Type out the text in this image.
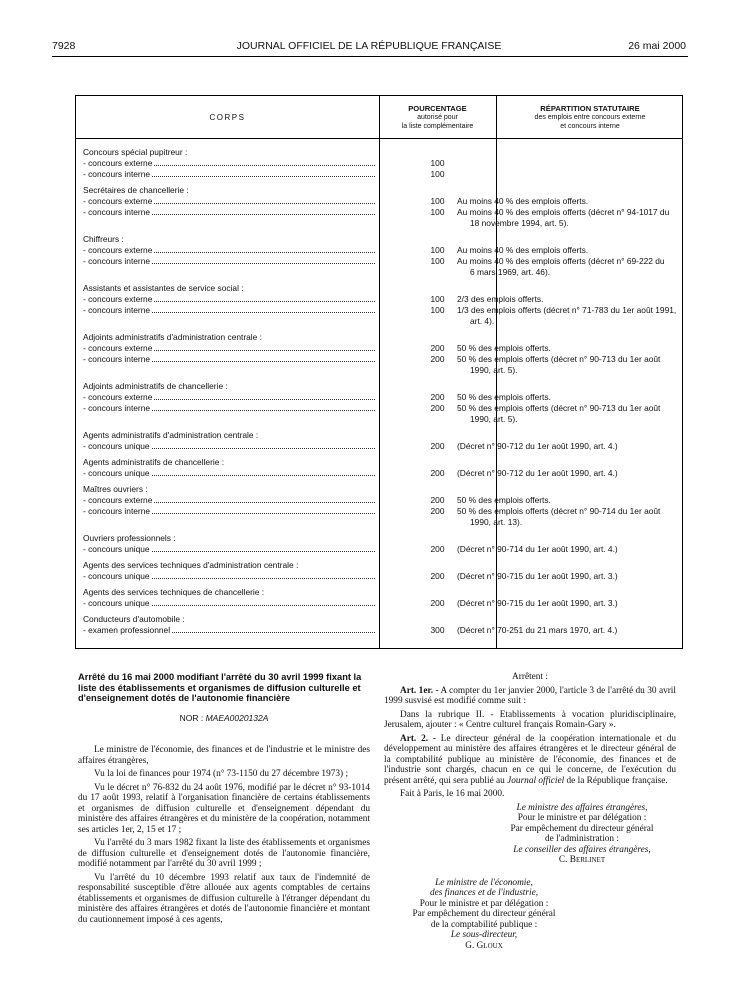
7928	JOURNAL OFFICIEL DE LA RÉPUBLIQUE FRANÇAISE	26 mai 2000
CORPS
POURCENTAGE
autorisé pour
la liste complémentaire
RÉPARTITION STATUTAIRE
des emplois entre concours externe
et concours interne
Concours spécial pupitreur :
- concours externe	100
- concours interne	100
Secrétaires de chancellerie :
- concours externe	100	Au moins 40 % des emplois offerts.
- concours interne	100	Au moins 40 % des emplois offerts (décret n° 94-1017 du
18 novembre 1994, art. 5).
Chiffreurs :
- concours externe	100	Au moins 40 % des emplois offerts.
- concours interne	100	Au moins 40 % des emplois offerts (décret n° 69-222 du
6 mars 1969, art. 46).
Assistants et assistantes de service social :
- concours externe	100	2/3 des emplois offerts.
- concours interne	100	1/3 des emplois offerts (décret n° 71-783 du 1er août 1991,
art. 4).
Adjoints administratifs d'administration centrale :
- concours externe	200	50 % des emplois offerts.
- concours interne	200	50 % des emplois offerts (décret n° 90-713 du 1er août
1990, art. 5).
Adjoints administratifs de chancellerie :
- concours externe	200	50 % des emplois offerts.
- concours interne	200	50 % des emplois offerts (décret n° 90-713 du 1er août
1990, art. 5).
Agents administratifs d'administration centrale :
- concours unique	200	(Décret n° 90-712 du 1er août 1990, art. 4.)
Agents administratifs de chancellerie :
- concours unique	200	(Décret n° 90-712 du 1er août 1990, art. 4.)
Maîtres ouvriers :
- concours externe	200	50 % des emplois offerts.
- concours interne	200	50 % des emplois offerts (décret n° 90-714 du 1er août
1990, art. 13).
Ouvriers professionnels :
- concours unique	200	(Décret n° 90-714 du 1er août 1990, art. 4.)
Agents des services techniques d'administration centrale :
- concours unique	200	(Décret n° 90-715 du 1er août 1990, art. 3.)
Agents des services techniques de chancellerie :
- concours unique	200	(Décret n° 90-715 du 1er août 1990, art. 3.)
Conducteurs d'automobile :
- examen professionnel	300	(Décret n° 70-251 du 21 mars 1970, art. 4.)
Arrêté du 16 mai 2000 modifiant l'arrêté du 30 avril 1999 fixant la liste des établissements et organismes de diffusion culturelle et d'enseignement dotés de l'autonomie financière
NOR : MAEA0020132A

Le ministre de l'économie, des finances et de l'industrie et le ministre des affaires étrangères,

Vu la loi de finances pour 1974 (n° 73-1150 du 27 décembre 1973) ;

Vu le décret n° 76-832 du 24 août 1976, modifié par le décret n° 93-1014 du 17 août 1993, relatif à l'organisation financière de certains établissements et organismes de diffusion culturelle et d'enseignement dépendant du ministère des affaires étrangères et du ministère de la coopération, notamment ses articles 1er, 2, 15 et 17 ;

Vu l'arrêté du 3 mars 1982 fixant la liste des établissements et organismes de diffusion culturelle et d'enseignement dotés de l'autonomie financière, modifié notamment par l'arrêté du 30 avril 1999 ;

Vu l'arrêté du 10 décembre 1993 relatif aux taux de l'indemnité de responsabilité susceptible d'être allouée aux agents comptables de certains établissements et organismes de diffusion culturelle à l'étranger dépendant du ministère des affaires étrangères et dotés de l'autonomie financière et montant du cautionnement imposé à ces agents,

Arrêtent :

Art. 1er. - A compter du 1er janvier 2000, l'article 3 de l'arrêté du 30 avril 1999 susvisé est modifié comme suit :

Dans la rubrique II. - Etablissements à vocation pluridisciplinaire, Jerusalem, ajouter : « Centre culturel français Romain-Gary ».

Art. 2. - Le directeur général de la coopération internationale et du développement au ministère des affaires étrangères et le directeur général de la comptabilité publique au ministère de l'économie, des finances et de l'industrie sont chargés, chacun en ce qui le concerne, de l'exécution du présent arrêté, qui sera publié au Journal officiel de la République française.

Fait à Paris, le 16 mai 2000.

Le ministre des affaires étrangères,
Pour le ministre et par délégation :
Par empêchement du directeur général
de l'administration :
Le conseiller des affaires étrangères,
C. Berlinet
Le ministre de l'économie,
des finances et de l'industrie,
Pour le ministre et par délégation :
Par empêchement du directeur général
de la comptabilité publique :
Le sous-directeur,
G. Gloux
